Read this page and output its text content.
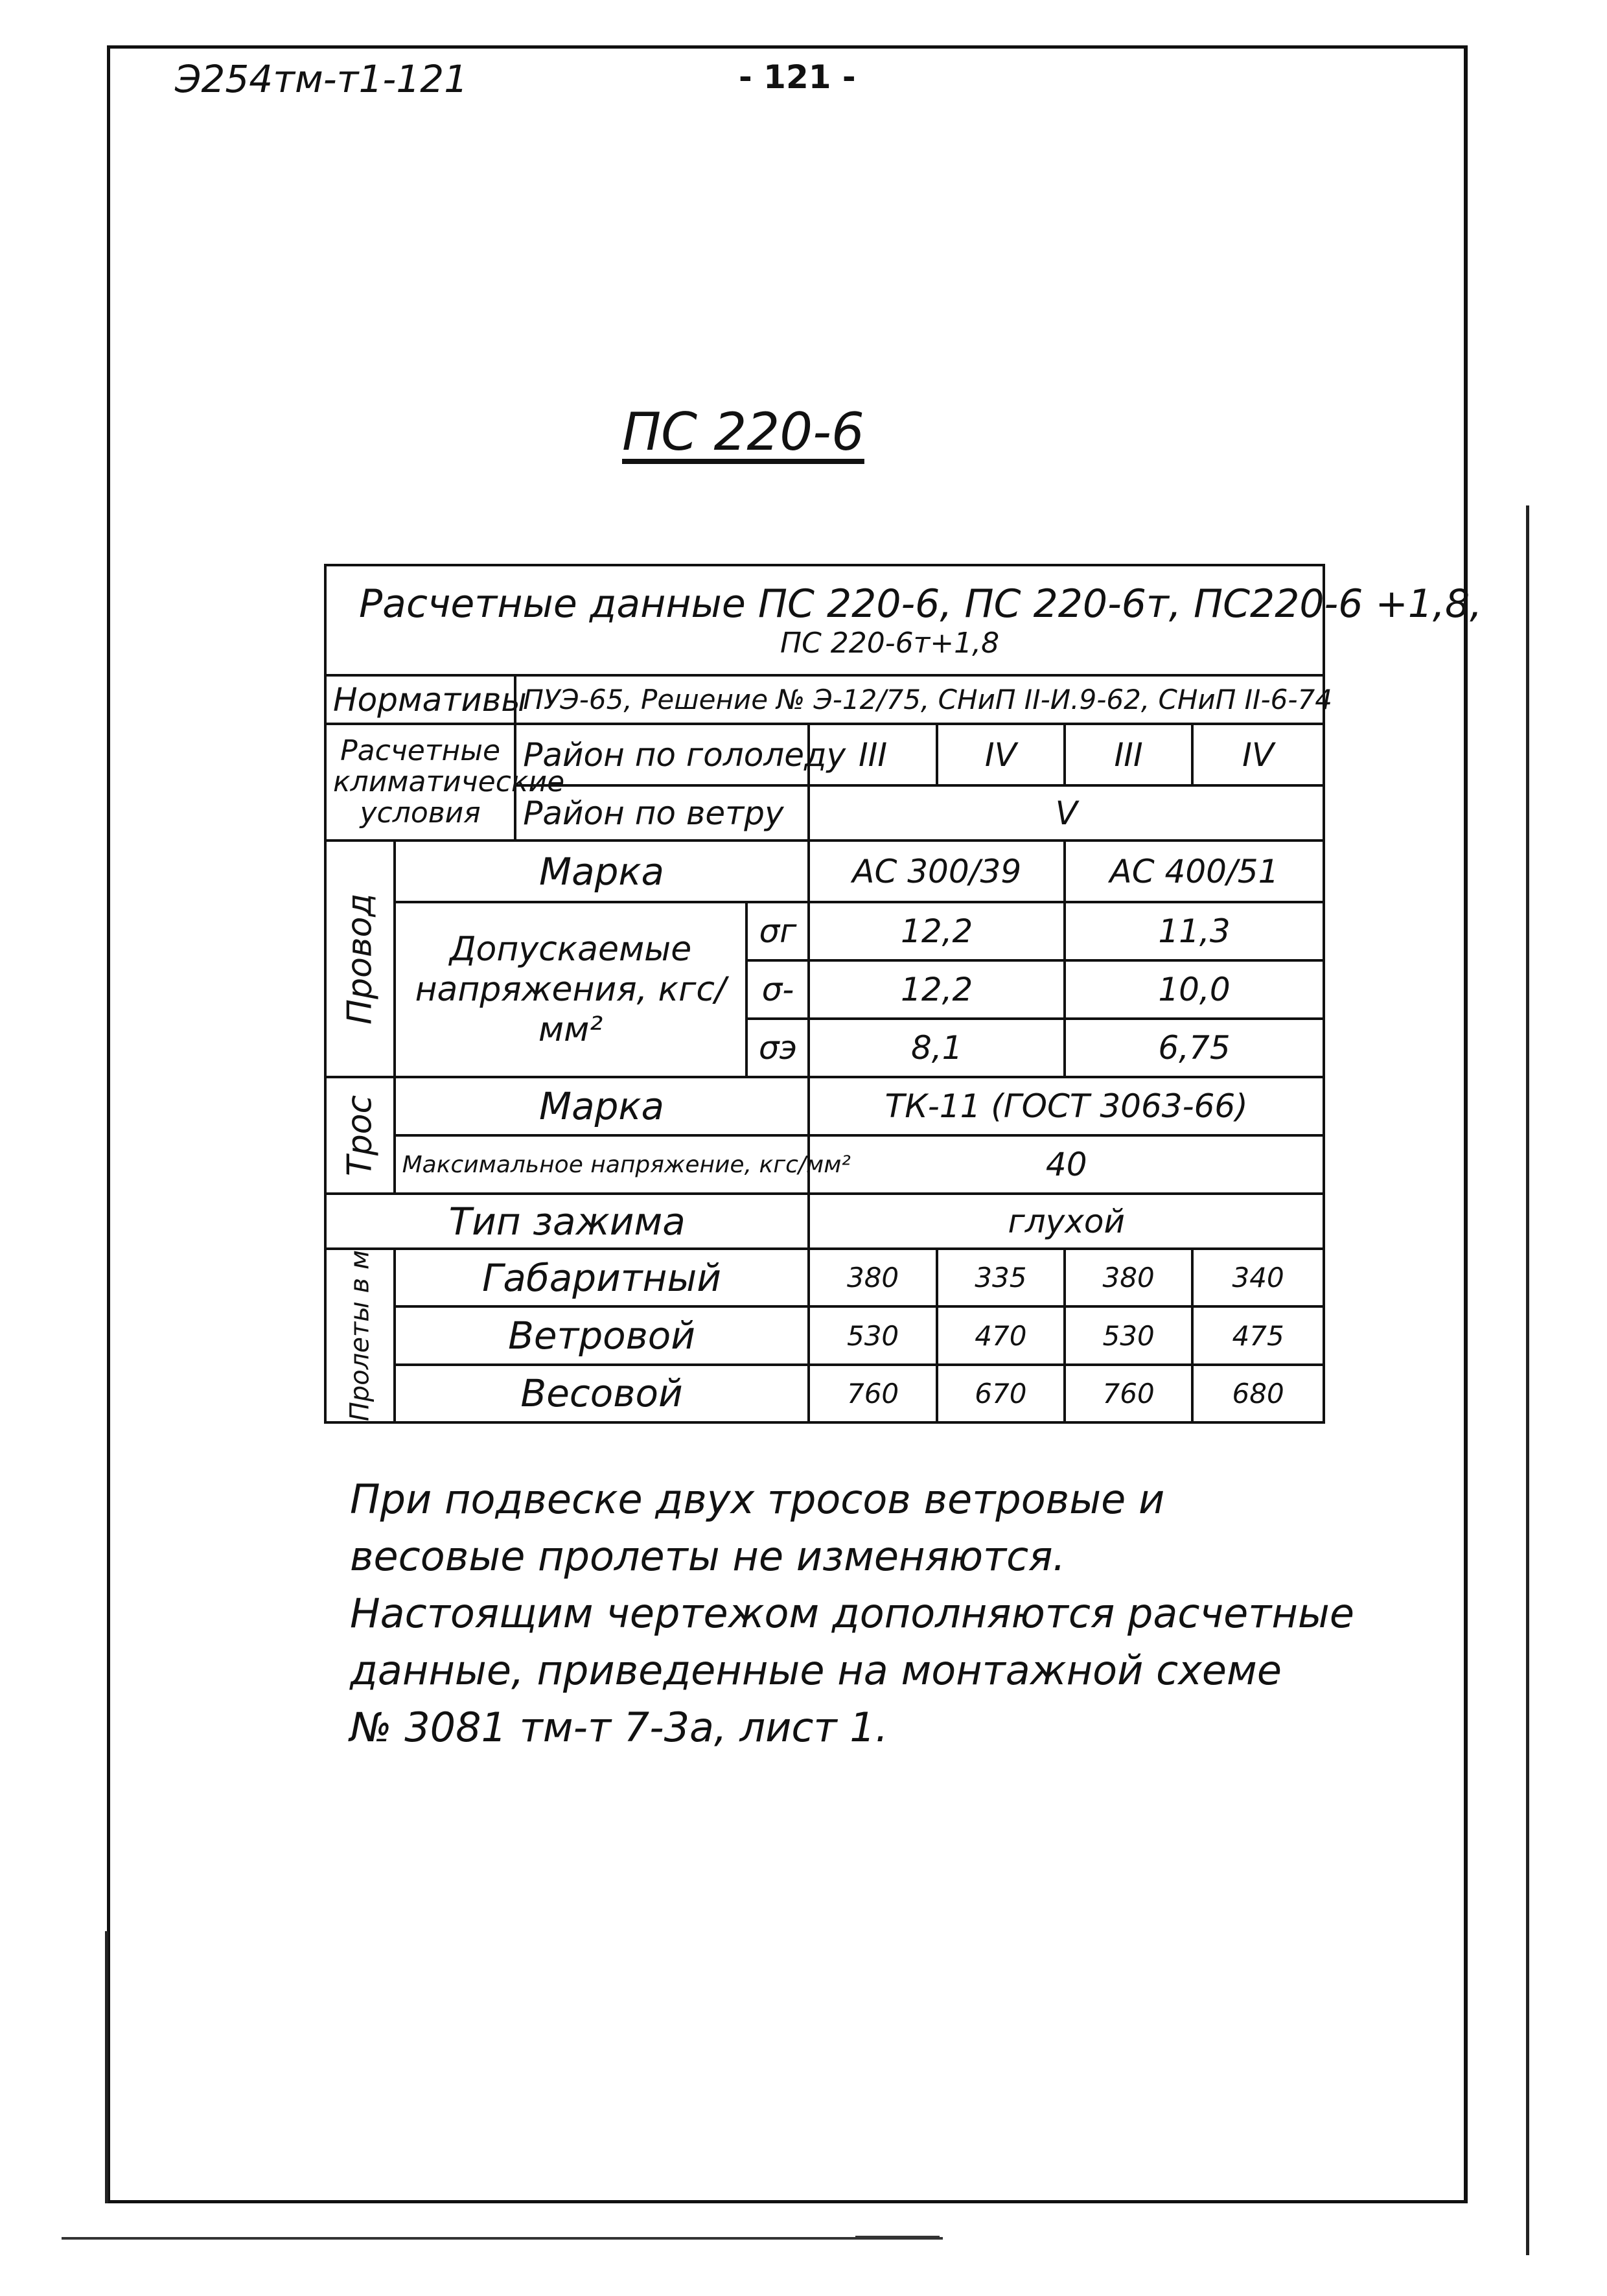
Э254тм-т1-121	- 121 -
ПС 220-6
Расчетные данные ПС 220-6, ПС 220-6т, ПС220-6 +1,8,
ПС 220-6т+1,8							

Нормативы		ПУЭ-65, Решение № Э-12/75, СНиП II-И.9-62, СНиП II-6-74					
Расчетные климатические условия		Район по гололеду		III	IV	III	IV
		Район по ветру		V			
Провод	Марка			АС 300/39		АС 400/51	
	Допускаемые напряжения, кгс/мм²		σг	12,2		11,3	
			σ-	12,2		10,0	
			σэ	8,1		6,75	
Трос	Марка			ТК-11 (ГОСТ 3063-66)			
	Максимальное напряжение, кгс/мм²			40			
Тип зажима				глухой			
Пролеты в м	Габаритный			380	335	380	340
	Ветровой			530	470	530	475
	Весовой			760	670	760	680
При подвеске двух тросов ветровые и
весовые пролеты не изменяются.
Настоящим чертежом дополняются расчетные
данные, приведенные на монтажной схеме
№ 3081 тм-т 7-3а, лист 1.
